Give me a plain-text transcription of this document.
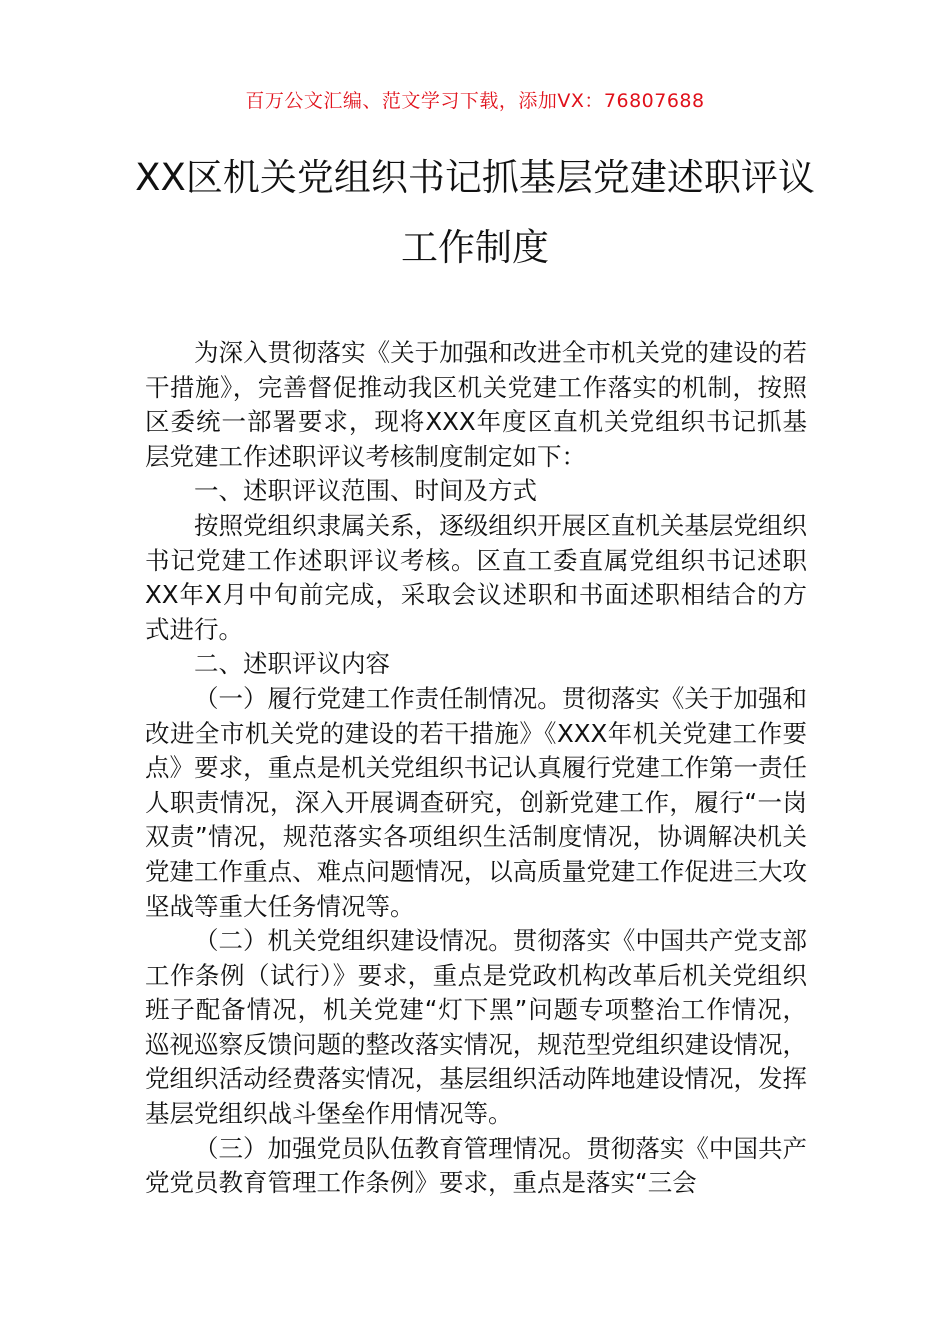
百万公文汇编、范文学习下载，添加VX：76807688
XX区机关党组织书记抓基层党建述职评议
工作制度

为深入贯彻落实《关于加强和改进全市机关党的建设的若干措施》，完善督促推动我区机关党建工作落实的机制，按照区委统一部署要求，现将XXX年度区直机关党组织书记抓基层党建工作述职评议考核制度制定如下：

一、述职评议范围、时间及方式

按照党组织隶属关系，逐级组织开展区直机关基层党组织书记党建工作述职评议考核。区直工委直属党组织书记述职XX年X月中旬前完成，采取会议述职和书面述职相结合的方式进行。

二、述职评议内容

（一）履行党建工作责任制情况。贯彻落实《关于加强和改进全市机关党的建设的若干措施》《XXX年机关党建工作要点》要求，重点是机关党组织书记认真履行党建工作第一责任人职责情况，深入开展调查研究，创新党建工作，履行“一岗双责”情况，规范落实各项组织生活制度情况，协调解决机关党建工作重点、难点问题情况，以高质量党建工作促进三大攻坚战等重大任务情况等。

（二）机关党组织建设情况。贯彻落实《中国共产党支部工作条例（试行）》要求，重点是党政机构改革后机关党组织班子配备情况，机关党建“灯下黑”问题专项整治工作情况，巡视巡察反馈问题的整改落实情况，规范型党组织建设情况，党组织活动经费落实情况，基层组织活动阵地建设情况，发挥基层党组织战斗堡垒作用情况等。

（三）加强党员队伍教育管理情况。贯彻落实《中国共产党党员教育管理工作条例》要求，重点是落实“三会
